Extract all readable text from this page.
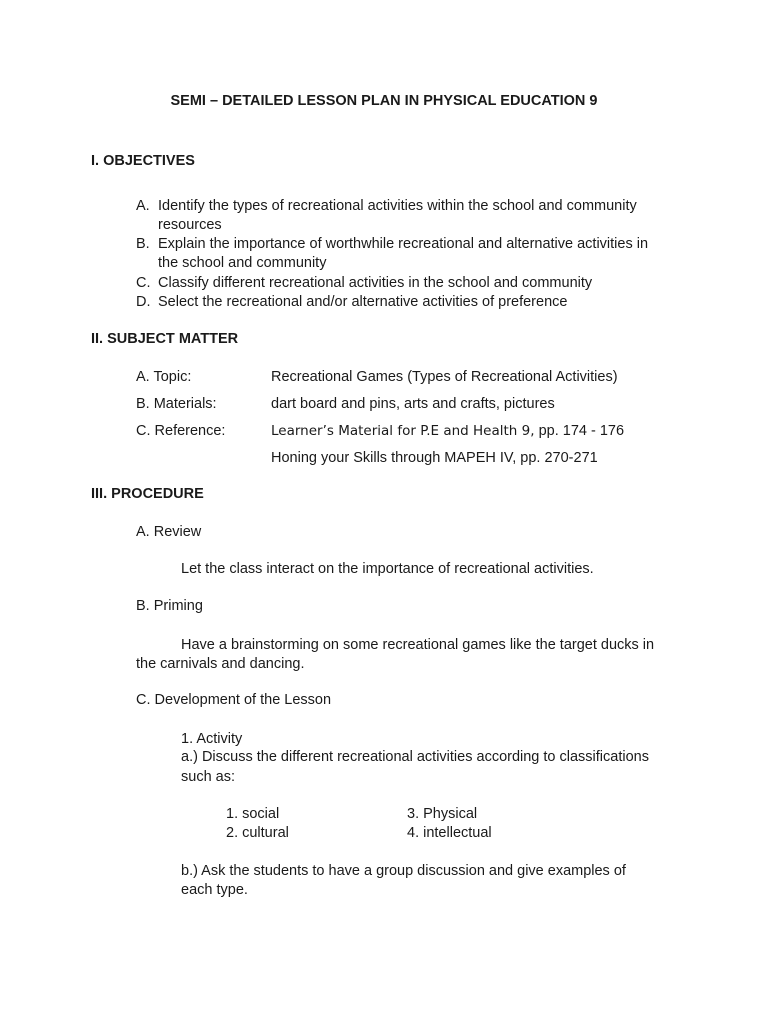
SEMI – DETAILED LESSON PLAN IN PHYSICAL EDUCATION 9
I. OBJECTIVES
A. Identify the types of recreational activities within the school and community
resources
B. Explain the importance of worthwhile recreational and alternative activities in
the school and community
C. Classify different recreational activities in the school and community
D. Select the recreational and/or alternative activities of preference
II. SUBJECT MATTER
A. Topic:	Recreational Games (Types of Recreational Activities)
B. Materials:	dart board and pins, arts and crafts, pictures
C. Reference:	Learner’s Material for P.E and Health 9, pp. 174 - 176
Honing your Skills through MAPEH IV, pp. 270-271
III. PROCEDURE
A. Review
Let the class interact on the importance of recreational activities.
B. Priming
Have a brainstorming on some recreational games like the target ducks in
the carnivals and dancing.
C. Development of the Lesson
1. Activity
a.) Discuss the different recreational activities according to classifications
such as:
1. social
2. cultural
3. Physical
4. intellectual
b.) Ask the students to have a group discussion and give examples of
each type.
